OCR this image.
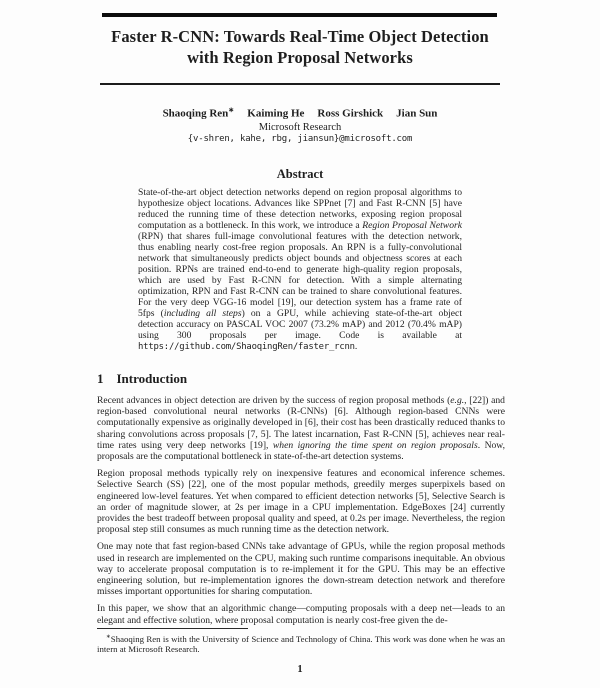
Faster R-CNN: Towards Real-Time Object Detection
with Region Proposal Networks
Shaoqing Ren∗ Kaiming He Ross Girshick Jian Sun
Microsoft Research
{v-shren, kahe, rbg, jiansun}@microsoft.com
Abstract
State-of-the-art object detection networks depend on region proposal algorithms to hypothesize object locations. Advances like SPPnet [7] and Fast R-CNN [5] have reduced the running time of these detection networks, exposing region proposal computation as a bottleneck. In this work, we introduce a Region Proposal Network (RPN) that shares full-image convolutional features with the detection network, thus enabling nearly cost-free region proposals. An RPN is a fully-convolutional network that simultaneously predicts object bounds and objectness scores at each position. RPNs are trained end-to-end to generate high-quality region proposals, which are used by Fast R-CNN for detection. With a simple alternating optimization, RPN and Fast R-CNN can be trained to share convolutional features. For the very deep VGG-16 model [19], our detection system has a frame rate of 5fps (including all steps) on a GPU, while achieving state-of-the-art object detection accuracy on PASCAL VOC 2007 (73.2% mAP) and 2012 (70.4% mAP) using 300 proposals per image. Code is available at https://github.com/ShaoqingRen/faster_rcnn.
1 Introduction

Recent advances in object detection are driven by the success of region proposal methods (e.g., [22]) and region-based convolutional neural networks (R-CNNs) [6]. Although region-based CNNs were computationally expensive as originally developed in [6], their cost has been drastically reduced thanks to sharing convolutions across proposals [7, 5]. The latest incarnation, Fast R-CNN [5], achieves near real-time rates using very deep networks [19], when ignoring the time spent on region proposals. Now, proposals are the computational bottleneck in state-of-the-art detection systems.

Region proposal methods typically rely on inexpensive features and economical inference schemes. Selective Search (SS) [22], one of the most popular methods, greedily merges superpixels based on engineered low-level features. Yet when compared to efficient detection networks [5], Selective Search is an order of magnitude slower, at 2s per image in a CPU implementation. EdgeBoxes [24] currently provides the best tradeoff between proposal quality and speed, at 0.2s per image. Nevertheless, the region proposal step still consumes as much running time as the detection network.

One may note that fast region-based CNNs take advantage of GPUs, while the region proposal methods used in research are implemented on the CPU, making such runtime comparisons inequitable. An obvious way to accelerate proposal computation is to re-implement it for the GPU. This may be an effective engineering solution, but re-implementation ignores the down-stream detection network and therefore misses important opportunities for sharing computation.

In this paper, we show that an algorithmic change—computing proposals with a deep net—leads to an elegant and effective solution, where proposal computation is nearly cost-free given the de-

∗Shaoqing Ren is with the University of Science and Technology of China. This work was done when he was an intern at Microsoft Research.
1
